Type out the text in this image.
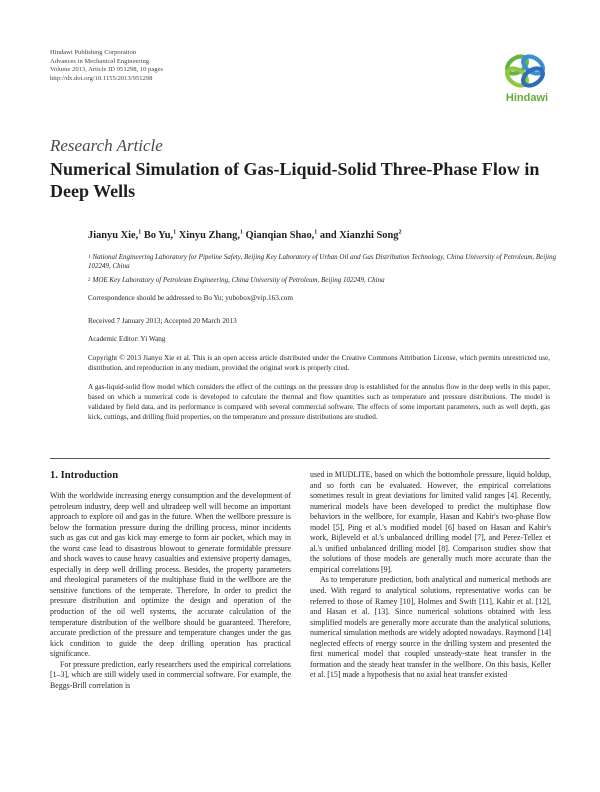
Hindawi Publishing Corporation
Advances in Mechanical Engineering
Volume 2013, Article ID 951298, 10 pages
http://dx.doi.org/10.1155/2013/951298
Hindawi
Research Article
Numerical Simulation of Gas-Liquid-Solid Three-Phase Flow in Deep Wells
Jianyu Xie,$^1$ Bo Yu,$^1$ Xinyu Zhang,$^1$ Qianqian Shao,$^1$ and Xianzhi Song$^2$
$^1$ National Engineering Laboratory for Pipeline Safety, Beijing Key Laboratory of Urban Oil and Gas Distribution Technology, China University of Petroleum, Beijing 102249, China
$^2$ MOE Key Laboratory of Petroleum Engineering, China University of Petroleum, Beijing 102249, China
Correspondence should be addressed to Bo Yu; yubobox@vip.163.com
Received 7 January 2013; Accepted 20 March 2013
Academic Editor: Yi Wang
Copyright © 2013 Jianyu Xie et al. This is an open access article distributed under the Creative Commons Attribution License, which permits unrestricted use, distribution, and reproduction in any medium, provided the original work is properly cited.
A gas-liquid-solid flow model which considers the effect of the cuttings on the pressure drop is established for the annulus flow in the deep wells in this paper, based on which a numerical code is developed to calculate the thermal and flow quantities such as temperature and pressure distributions. The model is validated by field data, and its performance is compared with several commercial software. The effects of some important parameters, such as well depth, gas kick, cuttings, and drilling fluid properties, on the temperature and pressure distributions are studied.
1. Introduction

With the worldwide increasing energy consumption and the development of petroleum industry, deep well and ultradeep well will become an important approach to explore oil and gas in the future. When the wellbore pressure is below the formation pressure during the drilling process, minor incidents such as gas cut and gas kick may emerge to form air pocket, which may in the worst case lead to disastrous blowout to generate formidable pressure and shock waves to cause heavy casualties and extensive property damages, especially in deep well drilling process. Besides, the property parameters and rheological parameters of the multiphase fluid in the wellbore are the sensitive functions of the temperate. Therefore, In order to predict the pressure distribution and optimize the design and operation of the production of the oil well systems, the accurate calculation of the temperature distribution of the wellbore should be guaranteed. Therefore, accurate prediction of the pressure and temperature changes under the gas kick condition to guide the deep drilling operation has practical significance.

For pressure prediction, early researchers used the empirical correlations [1–3], which are still widely used in commercial software. For example, the Beggs-Brill correlation is

used in MUDLITE, based on which the bottomhole pressure, liquid holdup, and so forth can be evaluated. However, the empirical correlations sometimes result in great deviations for limited valid ranges [4]. Recently, numerical models have been developed to predict the multiphase flow behaviors in the wellbore, for example, Hasan and Kabir's two-phase flow model [5], Ping et al.'s modified model [6] based on Hasan and Kabir's work, Bijleveld et al.'s unbalanced drilling model [7], and Perez-Tellez et al.'s unified unbalanced drilling model [8]. Comparison studies show that the solutions of those models are generally much more accurate than the empirical correlations [9].

As to temperature prediction, both analytical and numerical methods are used. With regard to analytical solutions, representative works can be referred to those of Ramey [10], Holmes and Swift [11], Kabir et al. [12], and Hasan et al. [13]. Since numerical solutions obtained with less simplified models are generally more accurate than the analytical solutions, numerical simulation methods are widely adopted nowadays. Raymond [14] neglected effects of energy source in the drilling system and presented the first numerical model that coupled unsteady-state heat transfer in the formation and the steady heat transfer in the wellbore. On this basis, Keller et al. [15] made a hypothesis that no axial heat transfer existed
